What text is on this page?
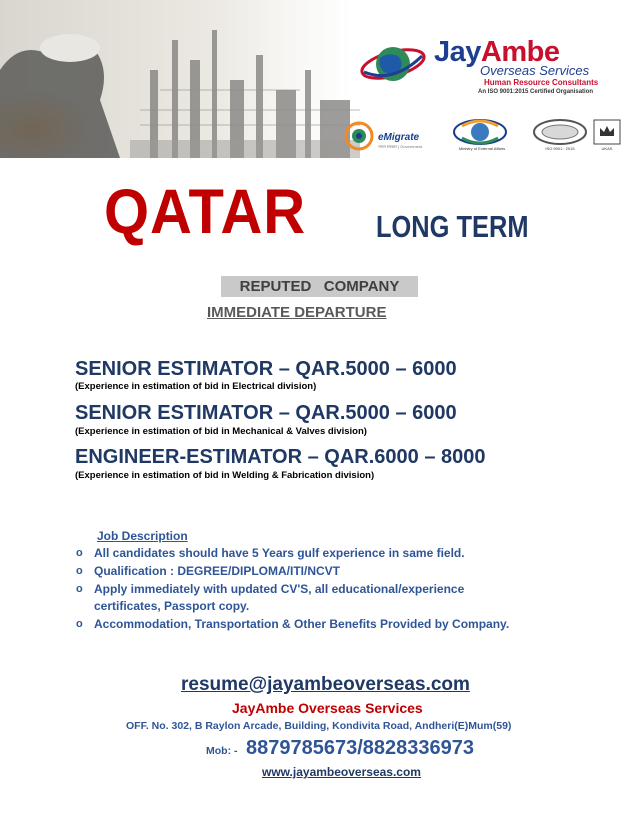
JayAmbe
Overseas Services
Human Resource Consultants
An ISO 9001:2015 Certified Organisation
eMigrate
भारत सरकार | Government	Ministry of External Affairs	ISO 9001 : 2015	UKAS
QATAR LONG TERM
REPUTED   COMPANY
IMMEDIATE DEPARTURE
SENIOR ESTIMATOR – QAR.5000 – 6000
(Experience in estimation of bid in Electrical division)
SENIOR ESTIMATOR – QAR.5000 – 6000
(Experience in estimation of bid in Mechanical & Valves division)
ENGINEER-ESTIMATOR – QAR.6000 – 8000
(Experience in estimation of bid in Welding & Fabrication division)
Job Description
o All candidates should have 5 Years gulf experience in same field.
o Qualification : DEGREE/DIPLOMA/ITI/NCVT
o Apply immediately with updated CV'S, all educational/experience certificates, Passport copy.
o Accommodation, Transportation & Other Benefits Provided by Company.
resume@jayambeoverseas.com
JayAmbe Overseas Services
OFF. No. 302, B Raylon Arcade, Building, Kondivita Road, Andheri(E)Mum(59)
Mob: - 8879785673/8828336973
www.jayambeoverseas.com
